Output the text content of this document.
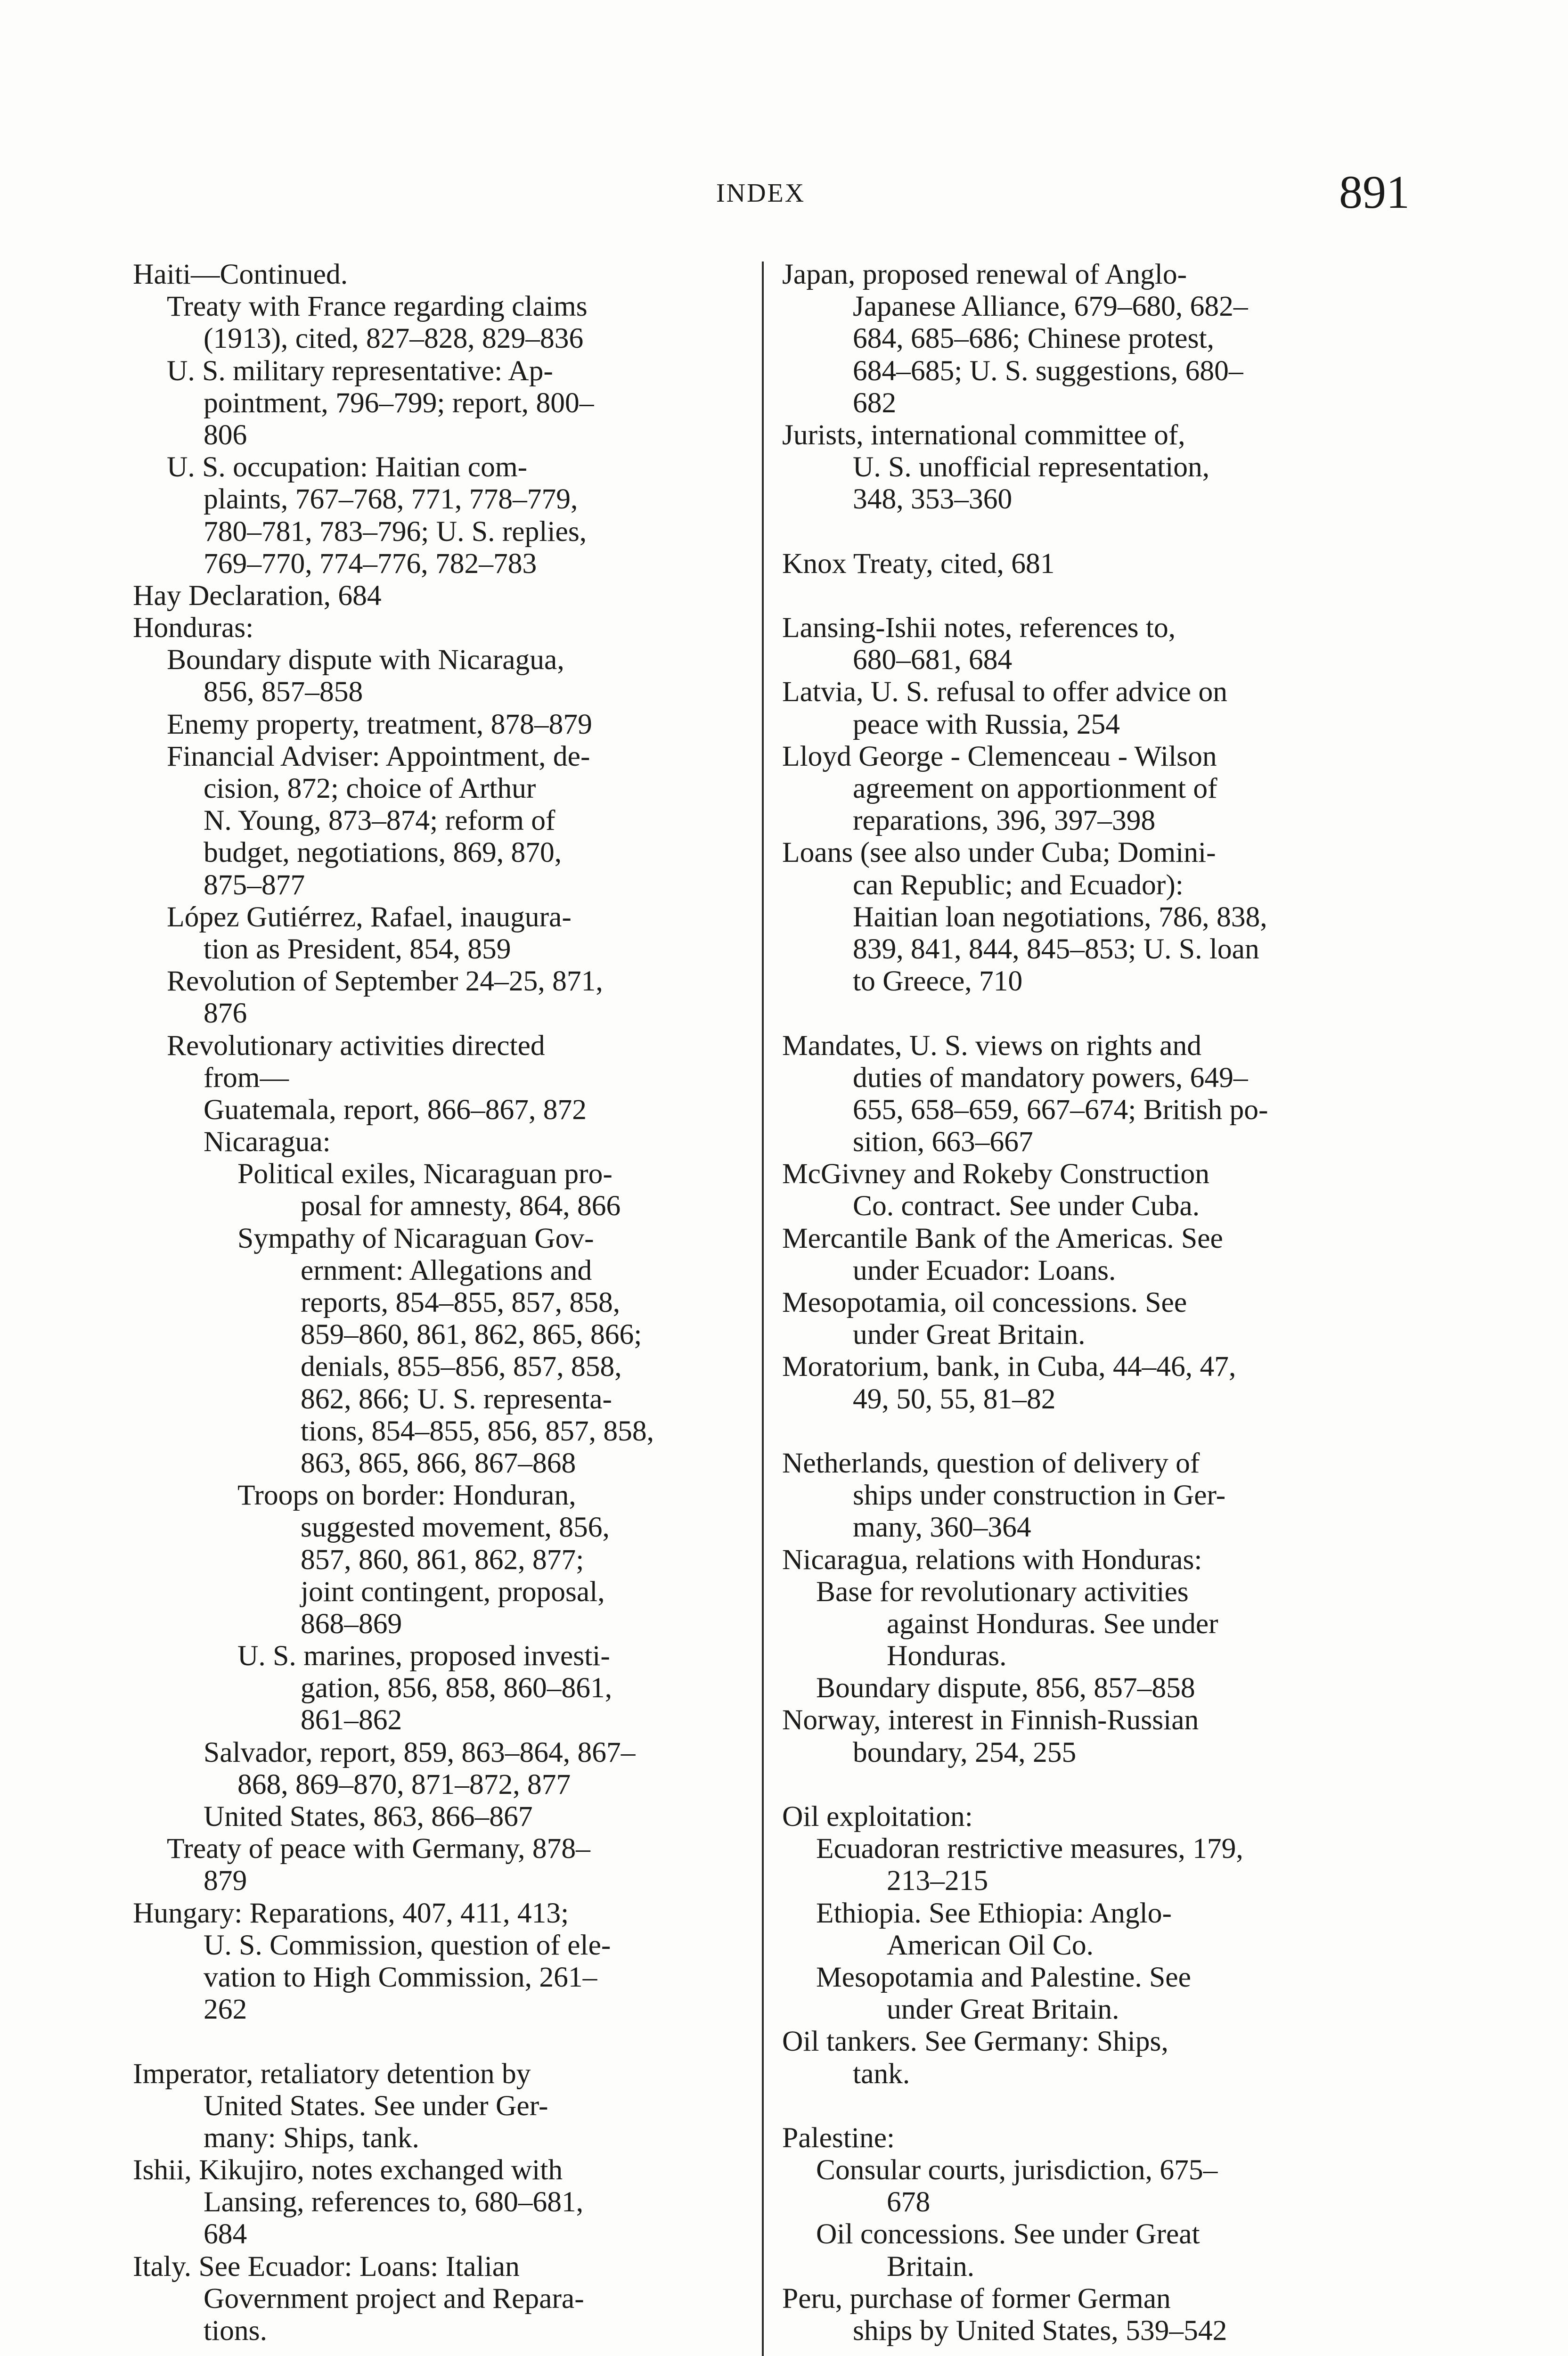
INDEX	891
Haiti—Continued.
Treaty with France regarding claims
(1913), cited, 827–828, 829–836
U. S. military representative: Ap-
pointment, 796–799; report, 800–
806
U. S. occupation: Haitian com-
plaints, 767–768, 771, 778–779,
780–781, 783–796; U. S. replies,
769–770, 774–776, 782–783
Hay Declaration, 684
Honduras:
Boundary dispute with Nicaragua,
856, 857–858
Enemy property, treatment, 878–879
Financial Adviser: Appointment, de-
cision, 872; choice of Arthur
N. Young, 873–874; reform of
budget, negotiations, 869, 870,
875–877
López Gutiérrez, Rafael, inaugura-
tion as President, 854, 859
Revolution of September 24–25, 871,
876
Revolutionary activities directed
from—
Guatemala, report, 866–867, 872
Nicaragua:
Political exiles, Nicaraguan pro-
posal for amnesty, 864, 866
Sympathy of Nicaraguan Gov-
ernment: Allegations and
reports, 854–855, 857, 858,
859–860, 861, 862, 865, 866;
denials, 855–856, 857, 858,
862, 866; U. S. representa-
tions, 854–855, 856, 857, 858,
863, 865, 866, 867–868
Troops on border: Honduran,
suggested movement, 856,
857, 860, 861, 862, 877;
joint contingent, proposal,
868–869
U. S. marines, proposed investi-
gation, 856, 858, 860–861,
861–862
Salvador, report, 859, 863–864, 867–
868, 869–870, 871–872, 877
United States, 863, 866–867
Treaty of peace with Germany, 878–
879
Hungary: Reparations, 407, 411, 413;
U. S. Commission, question of ele-
vation to High Commission, 261–
262
Imperator, retaliatory detention by
United States. See under Ger-
many: Ships, tank.
Ishii, Kikujiro, notes exchanged with
Lansing, references to, 680–681,
684
Italy. See Ecuador: Loans: Italian
Government project and Repara-
tions.
Japan, proposed renewal of Anglo-
Japanese Alliance, 679–680, 682–
684, 685–686; Chinese protest,
684–685; U. S. suggestions, 680–
682
Jurists, international committee of,
U. S. unofficial representation,
348, 353–360
Knox Treaty, cited, 681
Lansing-Ishii notes, references to,
680–681, 684
Latvia, U. S. refusal to offer advice on
peace with Russia, 254
Lloyd George - Clemenceau - Wilson
agreement on apportionment of
reparations, 396, 397–398
Loans (see also under Cuba; Domini-
can Republic; and Ecuador):
Haitian loan negotiations, 786, 838,
839, 841, 844, 845–853; U. S. loan
to Greece, 710
Mandates, U. S. views on rights and
duties of mandatory powers, 649–
655, 658–659, 667–674; British po-
sition, 663–667
McGivney and Rokeby Construction
Co. contract. See under Cuba.
Mercantile Bank of the Americas. See
under Ecuador: Loans.
Mesopotamia, oil concessions. See
under Great Britain.
Moratorium, bank, in Cuba, 44–46, 47,
49, 50, 55, 81–82
Netherlands, question of delivery of
ships under construction in Ger-
many, 360–364
Nicaragua, relations with Honduras:
Base for revolutionary activities
against Honduras. See under
Honduras.
Boundary dispute, 856, 857–858
Norway, interest in Finnish-Russian
boundary, 254, 255
Oil exploitation:
Ecuadoran restrictive measures, 179,
213–215
Ethiopia. See Ethiopia: Anglo-
American Oil Co.
Mesopotamia and Palestine. See
under Great Britain.
Oil tankers. See Germany: Ships,
tank.
Palestine:
Consular courts, jurisdiction, 675–
678
Oil concessions. See under Great
Britain.
Peru, purchase of former German
ships by United States, 539–542
